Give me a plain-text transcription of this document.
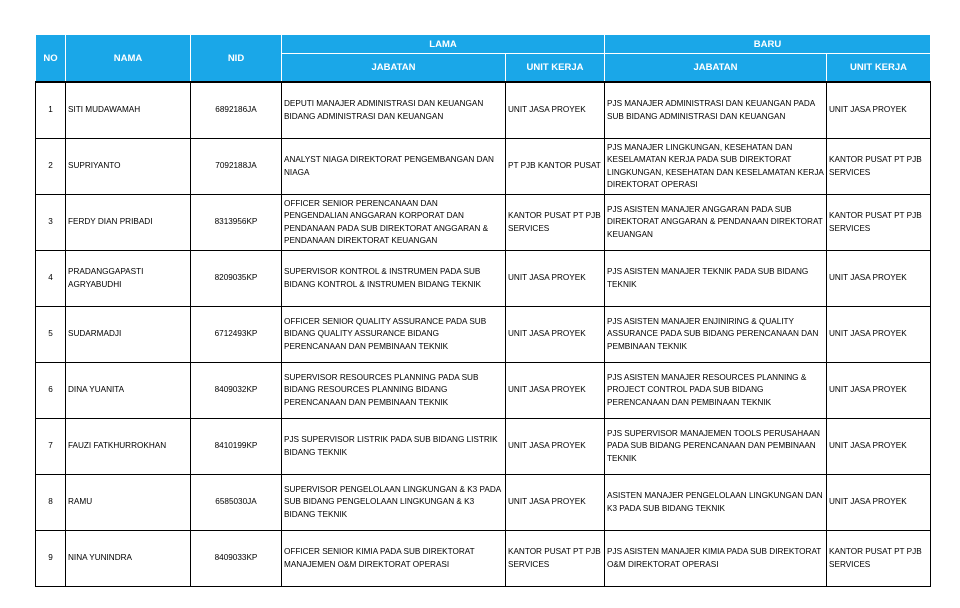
NO	NAMA	NID	LAMA		BARU	
			JABATAN	UNIT KERJA	JABATAN	UNIT KERJA
1	SITI MUDAWAMAH	6892186JA	DEPUTI MANAJER ADMINISTRASI DAN KEUANGAN BIDANG ADMINISTRASI DAN KEUANGAN	UNIT JASA PROYEK	PJS MANAJER ADMINISTRASI DAN KEUANGAN PADA SUB BIDANG ADMINISTRASI DAN KEUANGAN	UNIT JASA PROYEK
2	SUPRIYANTO	7092188JA	ANALYST NIAGA DIREKTORAT PENGEMBANGAN DAN NIAGA	PT PJB KANTOR PUSAT	PJS MANAJER LINGKUNGAN, KESEHATAN DAN KESELAMATAN KERJA PADA SUB DIREKTORAT LINGKUNGAN, KESEHATAN DAN KESELAMATAN KERJA DIREKTORAT OPERASI	KANTOR PUSAT PT PJB SERVICES
3	FERDY DIAN PRIBADI	8313956KP	OFFICER SENIOR PERENCANAAN DAN PENGENDALIAN ANGGARAN KORPORAT DAN PENDANAAN PADA SUB DIREKTORAT ANGGARAN & PENDANAAN DIREKTORAT KEUANGAN	KANTOR PUSAT PT PJB SERVICES	PJS ASISTEN MANAJER ANGGARAN PADA SUB DIREKTORAT ANGGARAN & PENDANAAN DIREKTORAT KEUANGAN	KANTOR PUSAT PT PJB SERVICES
4	PRADANGGAPASTI AGRYABUDHI	8209035KP	SUPERVISOR KONTROL & INSTRUMEN PADA SUB BIDANG KONTROL & INSTRUMEN BIDANG TEKNIK	UNIT JASA PROYEK	PJS ASISTEN MANAJER TEKNIK PADA SUB BIDANG TEKNIK	UNIT JASA PROYEK
5	SUDARMADJI	6712493KP	OFFICER SENIOR QUALITY ASSURANCE PADA SUB BIDANG QUALITY ASSURANCE BIDANG PERENCANAAN DAN PEMBINAAN TEKNIK	UNIT JASA PROYEK	PJS ASISTEN MANAJER ENJINIRING & QUALITY ASSURANCE PADA SUB BIDANG PERENCANAAN DAN PEMBINAAN TEKNIK	UNIT JASA PROYEK
6	DINA YUANITA	8409032KP	SUPERVISOR RESOURCES PLANNING PADA SUB BIDANG RESOURCES PLANNING BIDANG PERENCANAAN DAN PEMBINAAN TEKNIK	UNIT JASA PROYEK	PJS ASISTEN MANAJER RESOURCES PLANNING & PROJECT CONTROL PADA SUB BIDANG PERENCANAAN DAN PEMBINAAN TEKNIK	UNIT JASA PROYEK
7	FAUZI FATKHURROKHAN	8410199KP	PJS SUPERVISOR LISTRIK PADA SUB BIDANG LISTRIK BIDANG TEKNIK	UNIT JASA PROYEK	PJS SUPERVISOR MANAJEMEN TOOLS PERUSAHAAN PADA SUB BIDANG PERENCANAAN DAN PEMBINAAN TEKNIK	UNIT JASA PROYEK
8	RAMU	6585030JA	SUPERVISOR PENGELOLAAN LINGKUNGAN & K3 PADA SUB BIDANG PENGELOLAAN LINGKUNGAN & K3 BIDANG TEKNIK	UNIT JASA PROYEK	ASISTEN MANAJER PENGELOLAAN LINGKUNGAN DAN K3 PADA SUB BIDANG TEKNIK	UNIT JASA PROYEK
9	NINA YUNINDRA	8409033KP	OFFICER SENIOR KIMIA PADA SUB DIREKTORAT MANAJEMEN O&M DIREKTORAT OPERASI	KANTOR PUSAT PT PJB SERVICES	PJS ASISTEN MANAJER KIMIA PADA SUB DIREKTORAT O&M DIREKTORAT OPERASI	KANTOR PUSAT PT PJB SERVICES
